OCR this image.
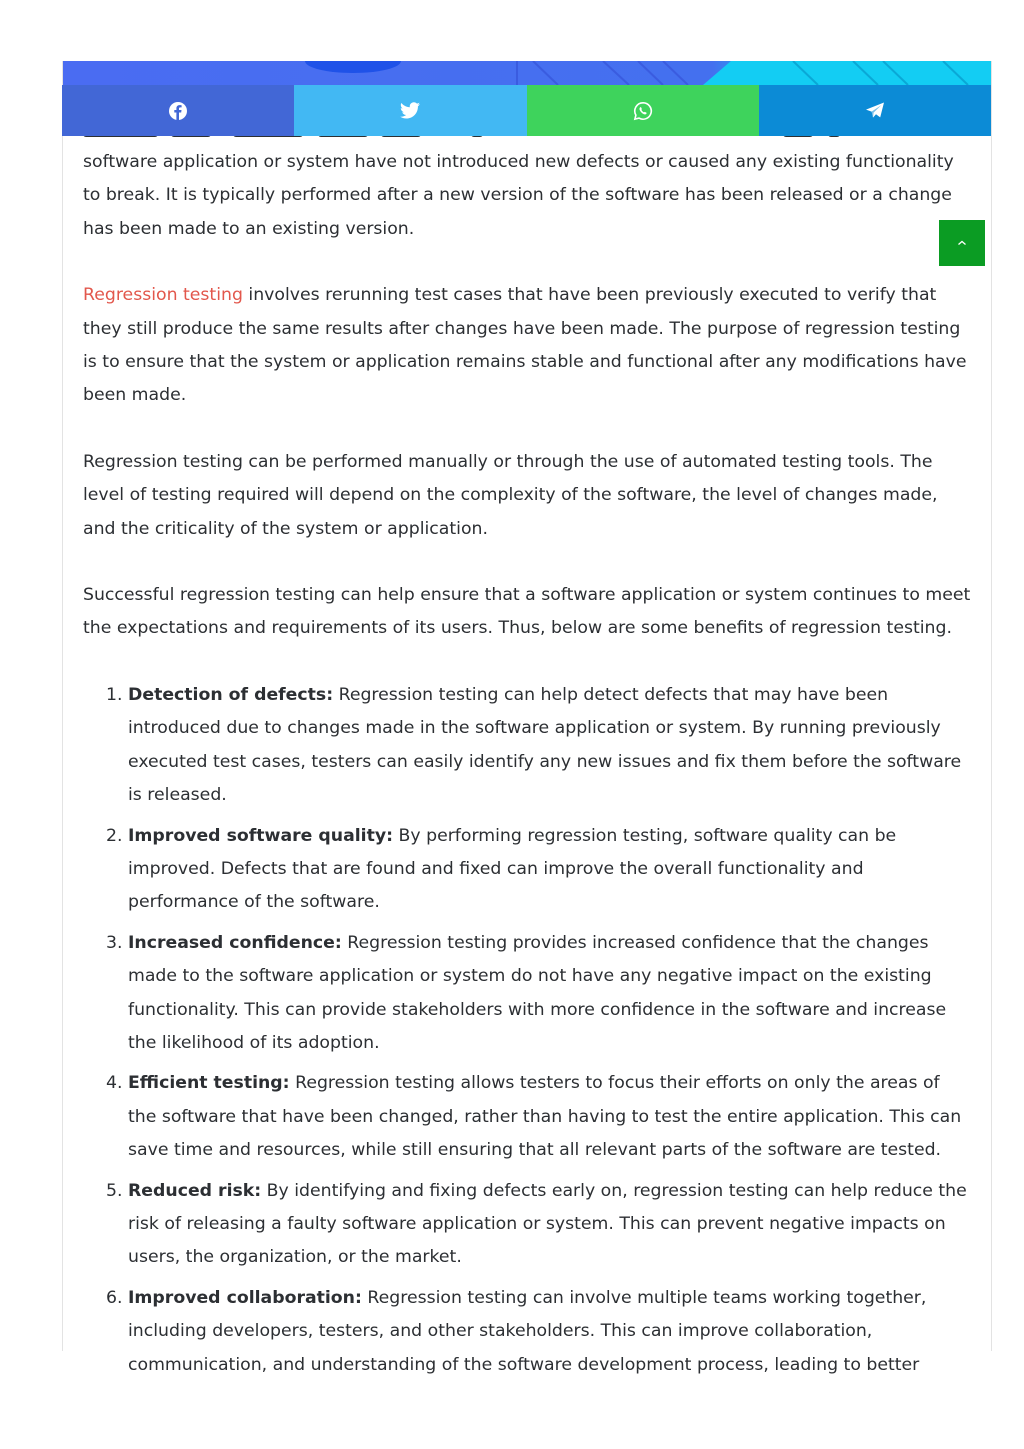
software application or system have not introduced new defects or caused any existing functionality to break. It is typically performed after a new version of the software has been released or a change has been made to an existing version.

Regression testing involves rerunning test cases that have been previously executed to verify that they still produce the same results after changes have been made. The purpose of regression testing is to ensure that the system or application remains stable and functional after any modifications have been made.

Regression testing can be performed manually or through the use of automated testing tools. The level of testing required will depend on the complexity of the software, the level of changes made, and the criticality of the system or application.

Successful regression testing can help ensure that a software application or system continues to meet the expectations and requirements of its users. Thus, below are some benefits of regression testing.

1. Detection of defects: Regression testing can help detect defects that may have been introduced due to changes made in the software application or system. By running previously executed test cases, testers can easily identify any new issues and fix them before the software is released.
2. Improved software quality: By performing regression testing, software quality can be improved. Defects that are found and fixed can improve the overall functionality and performance of the software.
3. Increased confidence: Regression testing provides increased confidence that the changes made to the software application or system do not have any negative impact on the existing functionality. This can provide stakeholders with more confidence in the software and increase the likelihood of its adoption.
4. Efficient testing: Regression testing allows testers to focus their efforts on only the areas of the software that have been changed, rather than having to test the entire application. This can save time and resources, while still ensuring that all relevant parts of the software are tested.
5. Reduced risk: By identifying and fixing defects early on, regression testing can help reduce the risk of releasing a faulty software application or system. This can prevent negative impacts on users, the organization, or the market.
6. Improved collaboration: Regression testing can involve multiple teams working together, including developers, testers, and other stakeholders. This can improve collaboration, communication, and understanding of the software development process, leading to better
